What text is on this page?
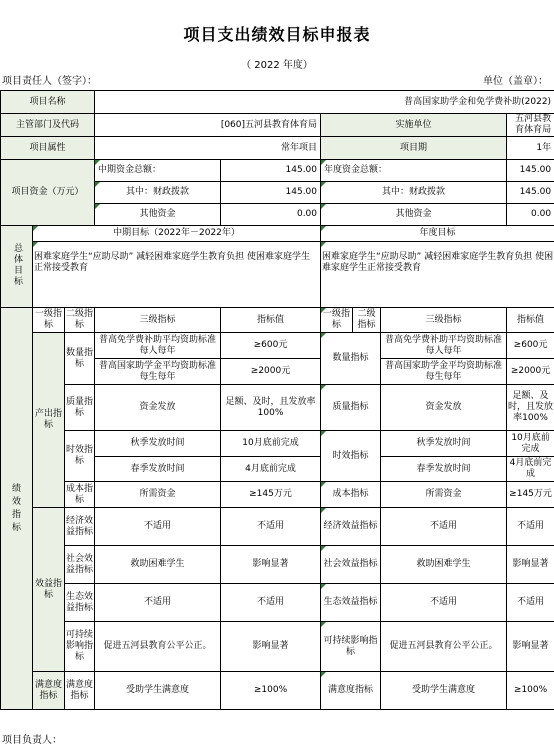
项目支出绩效目标申报表
（ 2022 年度）
项目责任人（签字）：	单位（盖章）：
项目名称			普高国家助学金和免学费补助(2022)					
主管部门及代码			[060]五河县教育体育局		实施单位			五河县教育体育局
项目属性			常年项目		项目期			1年
项目资金（万元）			中期资金总额：	145.00	年度资金总额：			145.00
			其中：财政拨款	145.00	其中：财政拨款			145.00
			其他资金	0.00	其他资金			0.00
总体目标	中期目标（2022年－2022年）				年度目标			
	困难家庭学生“应助尽助” 减轻困难家庭学生教育负担 使困难家庭学生正常接受教育				困难家庭学生“应助尽助” 减轻困难家庭学生教育负担 使困难家庭学生正常接受教育			
绩效指标	一级指标	二级指标	三级指标	指标值	一级指标	二级指标	三级指标	指标值
	产出指标	数量指标	普高免学费补助平均资助标准每人每年	≥600元	数量指标		普高免学费补助平均资助标准每人每年	≥600元
			普高国家助学金平均资助标准每生每年	≥2000元			普高国家助学金平均资助标准每生每年	≥2000元
		质量指标	资金发放	足额、及时，且发放率100%	质量指标		资金发放	足额、及时，且发放率100%
		时效指标	秋季发放时间	10月底前完成	时效指标		秋季发放时间	10月底前完成
			春季发放时间	4月底前完成			春季发放时间	4月底前完成
		成本指标	所需资金	≥145万元	成本指标		所需资金	≥145万元

	效益指标	经济效益指标	不适用	不适用	经济效益指标		不适用	不适用
		社会效益指标	救助困难学生	影响显著	社会效益指标		救助困难学生	影响显著
		生态效益指标	不适用	不适用	生态效益指标		不适用	不适用
		可持续影响指标	促进五河县教育公平公正。	影响显著	可持续影响指标		促进五河县教育公平公正。	影响显著
	满意度指标	满意度指标	受助学生满意度	≥100%	满意度指标		受助学生满意度	≥100%
项目负责人：
